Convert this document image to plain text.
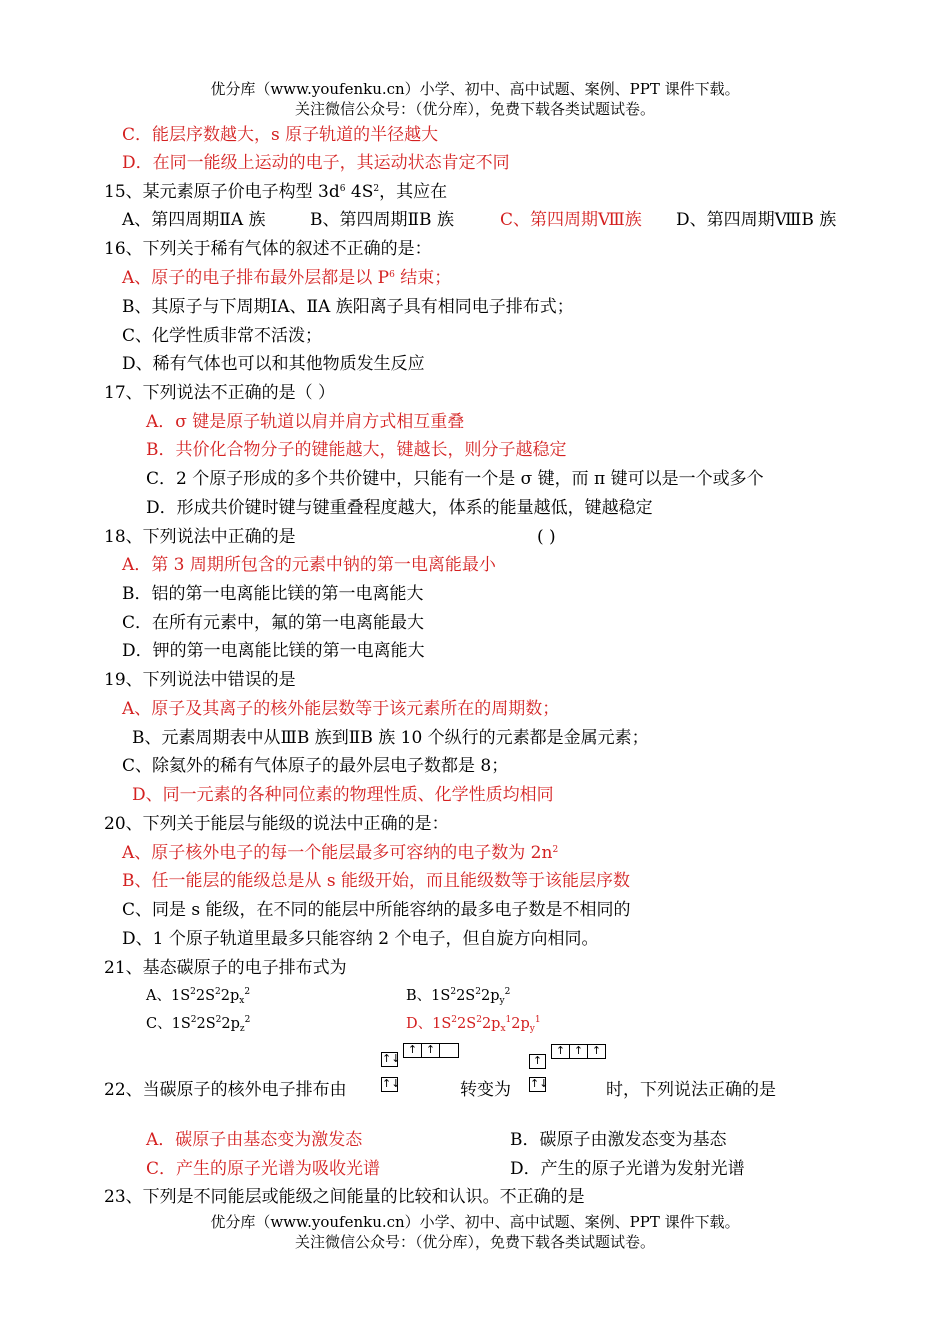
优分库（www.youfenku.cn）小学、初中、高中试题、案例、PPT 课件下载。
关注微信公众号：（优分库），免费下载各类试题试卷。
C．能层序数越大，s 原子轨道的半径越大
D．在同一能级上运动的电子，其运动状态肯定不同
15、某元素原子价电子构型 $3d^6$ $4S^2$，其应在
A、第四周期ⅡA 族	B、第四周期ⅡB 族	C、第四周期Ⅷ族 D、第四周期ⅧB 族
16、下列关于稀有气体的叙述不正确的是：
A、原子的电子排布最外层都是以 $P^6$ 结束；
B、其原子与下周期ⅠA、ⅡA 族阳离子具有相同电子排布式；
C、化学性质非常不活泼；
D、稀有气体也可以和其他物质发生反应
17、下列说法不正确的是（ ）
A．σ 键是原子轨道以肩并肩方式相互重叠
B．共价化合物分子的键能越大，键越长，则分子越稳定
C．2 个原子形成的多个共价键中，只能有一个是 σ 键，而 π 键可以是一个或多个
D．形成共价键时键与键重叠程度越大，体系的能量越低，键越稳定
18、下列说法中正确的是	( )
A．第 3 周期所包含的元素中钠的第一电离能最小
B．铝的第一电离能比镁的第一电离能大
C．在所有元素中，氟的第一电离能最大
D．钾的第一电离能比镁的第一电离能大
19、下列说法中错误的是
A、原子及其离子的核外能层数等于该元素所在的周期数；
B、元素周期表中从ⅢB 族到ⅡB 族 10 个纵行的元素都是金属元素；
C、除氦外的稀有气体原子的最外层电子数都是 8；
D、同一元素的各种同位素的物理性质、化学性质均相同
20、下列关于能层与能级的说法中正确的是：
A、原子核外电子的每一个能层最多可容纳的电子数为 $2n^2$
B、任一能层的能级总是从 s 能级开始，而且能级数等于该能层序数
C、同是 s 能级，在不同的能层中所能容纳的最多电子数是不相同的
D、1 个原子轨道里最多只能容纳 2 个电子，但自旋方向相同。
21、基态碳原子的电子排布式为
A、$1S^22S^22p_x^2$	B、$1S^22S^22p_y^2$
C、$1S^22S^22p_z^2$	D、$1S^22S^22p_x^12p_y^1$
↑↓
↑ ↑
↑↓
↑
↑ ↑ ↑
↑↓
22、当碳原子的核外电子排布由	转变为	时，下列说法正确的是
A．碳原子由基态变为激发态	B．碳原子由激发态变为基态
C．产生的原子光谱为吸收光谱	D．产生的原子光谱为发射光谱
23、下列是不同能层或能级之间能量的比较和认识。不正确的是
优分库（www.youfenku.cn）小学、初中、高中试题、案例、PPT 课件下载。
关注微信公众号：（优分库），免费下载各类试题试卷。
